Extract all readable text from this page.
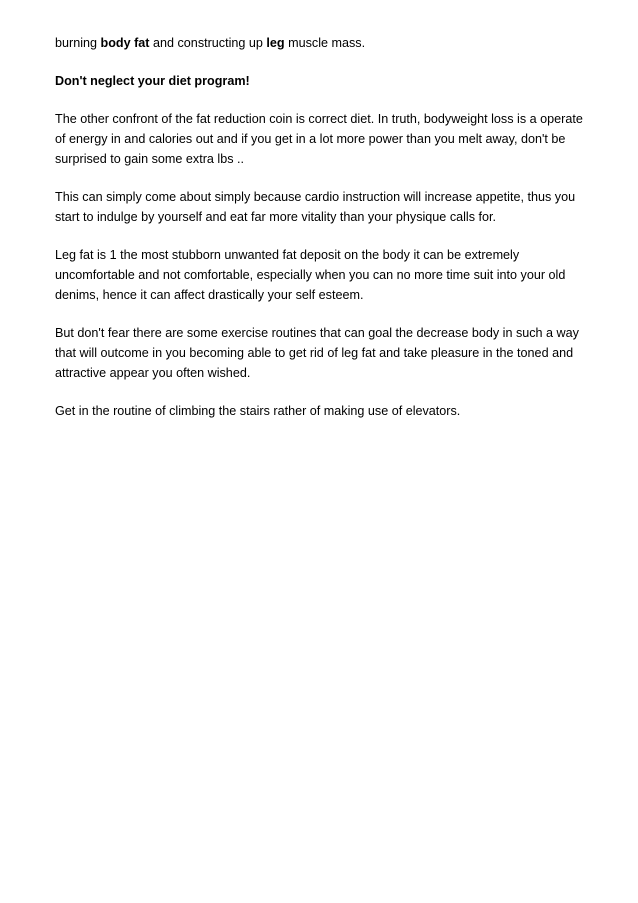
burning body fat and constructing up leg muscle mass.

Don't neglect your diet program!

The other confront of the fat reduction coin is correct diet. In truth, bodyweight loss is a operate of energy in and calories out and if you get in a lot more power than you melt away, don't be surprised to gain some extra lbs ..

This can simply come about simply because cardio instruction will increase appetite, thus you start to indulge by yourself and eat far more vitality than your physique calls for.

Leg fat is 1 the most stubborn unwanted fat deposit on the body it can be extremely uncomfortable and not comfortable, especially when you can no more time suit into your old denims, hence it can affect drastically your self esteem.

But don't fear there are some exercise routines that can goal the decrease body in such a way that will outcome in you becoming able to get rid of leg fat and take pleasure in the toned and attractive appear you often wished.

Get in the routine of climbing the stairs rather of making use of elevators.
